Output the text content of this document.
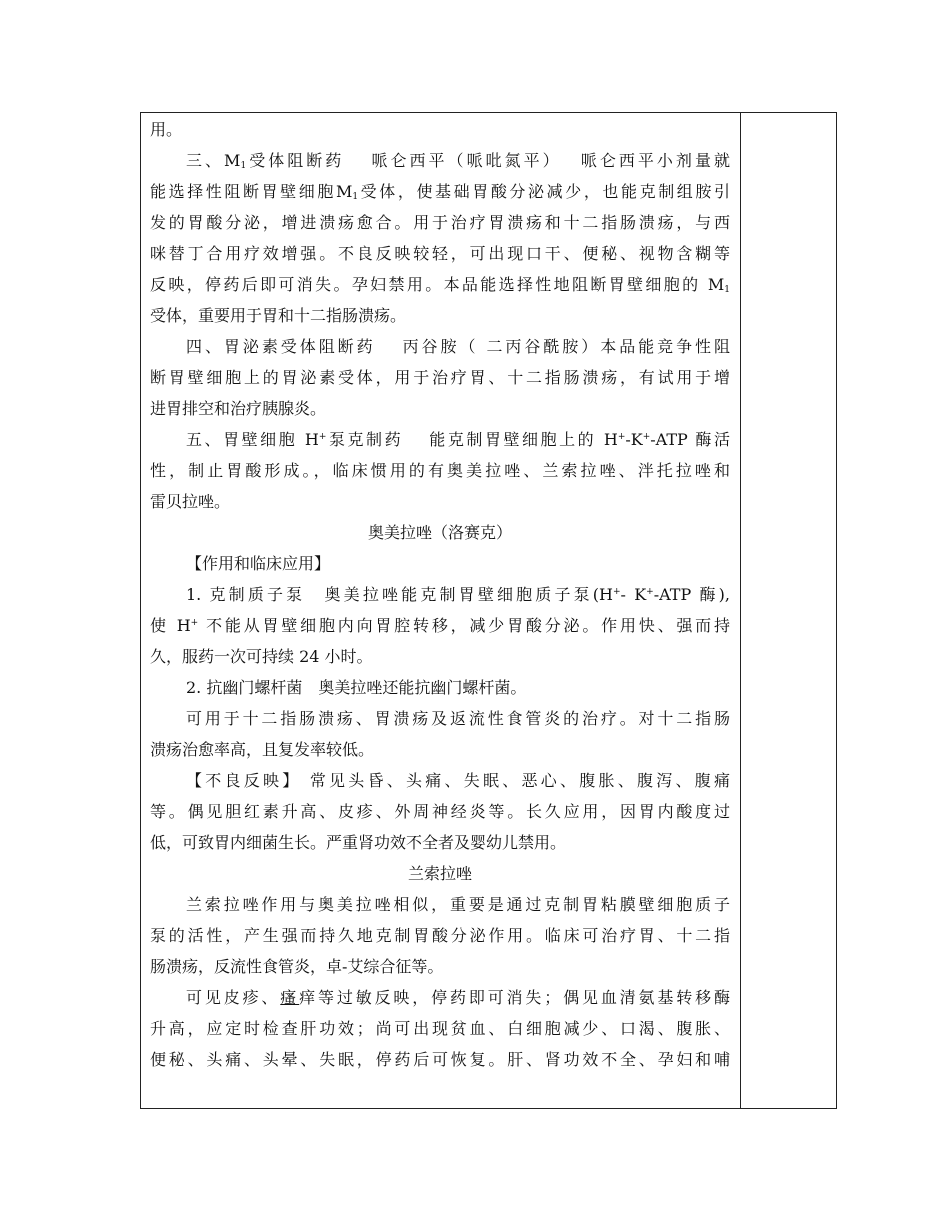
用。
三、$M_1$受体阻断药　 哌仑西平（哌吡氮平）　 哌仑西平小剂量就
能选择性阻断胃壁细胞$M_1$受体，使基础胃酸分泌减少，也能克制组胺引
发的胃酸分泌，增进溃疡愈合。用于治疗胃溃疡和十二指肠溃疡，与西
咪替丁合用疗效增强。不良反映较轻，可出现口干、便秘、视物含糊等
反映，停药后即可消失。孕妇禁用。本品能选择性地阻断胃壁细胞的 $M_1$
受体，重要用于胃和十二指肠溃疡。
四、胃泌素受体阻断药　 丙谷胺（ 二丙谷酰胺）本品能竞争性阻
断胃壁细胞上的胃泌素受体，用于治疗胃、十二指肠溃疡，有试用于增
进胃排空和治疗胰腺炎。
五、胃壁细胞 H+泵克制药　 能克制胃壁细胞上的 H+-K+-ATP 酶活
性，制止胃酸形成。，临床惯用的有奥美拉唑、兰索拉唑、泮托拉唑和
雷贝拉唑。
奥美拉唑（洛赛克）
【作用和临床应用】
1. 克制质子泵　奥美拉唑能克制胃壁细胞质子泵(H+- K+-ATP 酶),
使 H+ 不能从胃壁细胞内向胃腔转移，减少胃酸分泌。作用快、强而持
久，服药一次可持续 24 小时。
2. 抗幽门螺杆菌　奥美拉唑还能抗幽门螺杆菌。
可用于十二指肠溃疡、胃溃疡及返流性食管炎的治疗。对十二指肠
溃疡治愈率高，且复发率较低。
【不良反映】 常见头昏、头痛、失眠、恶心、腹胀、腹泻、腹痛
等。偶见胆红素升高、皮疹、外周神经炎等。长久应用，因胃内酸度过
低，可致胃内细菌生长。严重肾功效不全者及婴幼儿禁用。
兰索拉唑
兰索拉唑作用与奥美拉唑相似，重要是通过克制胃粘膜壁细胞质子
泵的活性，产生强而持久地克制胃酸分泌作用。临床可治疗胃、十二指
肠溃疡，反流性食管炎，卓-艾综合征等。
可见皮疹、瘙痒等过敏反映，停药即可消失；偶见血清氨基转移酶
升高，应定时检查肝功效；尚可出现贫血、白细胞减少、口渴、腹胀、
便秘、头痛、头晕、失眠，停药后可恢复。肝、肾功效不全、孕妇和哺
